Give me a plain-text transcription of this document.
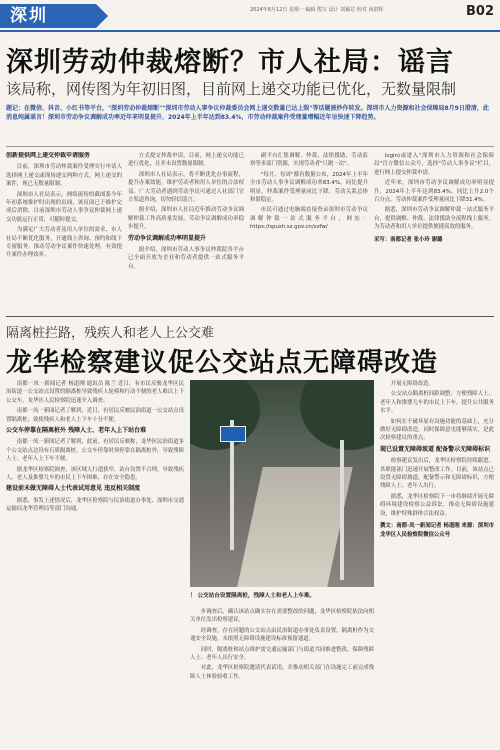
深圳	2024年8月12日 星期一 编辑 熊宝 设计 刘颖芯 校对 汤湛辉	B02
深圳劳动仲裁熔断？市人社局：谣言
该局称，网传图为年初旧图，目前网上递交功能已优化，无数量限制
题记：在微信、抖音、小红书等平台，"深圳劳动仲裁熔断""深圳市劳动人事争议仲裁委员会网上递交数量已达上限"等话题被炒作转发。深圳市人力资源和社会保障局8月9日澄清，此消息纯属谣言！深圳市劳动争议调解成功率近年来明显提升，2024年上半年达到83.4%，市劳动仲裁案件受理量增幅近年呈快速下降趋势。
创新提供网上递交仲裁申请服务

目前，深圳市劳动仲裁案件受理实行申请人选择网上递交或现场递交两种方式，网上递交的案件，现已无数量限制。

深圳市人社局表示，网络流传的截图系今年年初系统维护时出现的页面，该页面已于维护完成后消除。目前深圳市劳动人事争议仲裁网上递交功能运行正常，可随时提交。

为满足广大劳动者及用人单位的需求，市人社局不断优化服务，开通线上咨询、预约和线下专窗服务，推动劳动争议案件快速处理，有效提升案件办理效率。

方式提交仲裁申请，目前，网上递交功能已进行优化，且并未设置数量限制。

深圳市人社局表示，将不断优化办事流程，提升办案效能，维护劳动者和用人单位的合法权益。广大劳动者遇到劳动争议可通过人社部门官方渠道咨询，切勿轻信谣言。

据介绍，深圳市人社局近年推动劳动争议调解仲裁工作高质量发展，劳动争议调解成功率稳步提升。

劳动争议调解成功率明显提升

据介绍，深圳市劳动人事争议仲裁院各平台已全面开放为企业和劳动者提供一站式服务平台。

副平台汇集调解、仲裁、法律援助、劳动监察等多部门资源，实现劳动者"只跑一次"。

"每月、每周"都有数据公布，2024年上半年全市劳动人事争议调解成功率83.4%，同比提升明显。仲裁案件受理量同比下降，劳动关系总体和谐稳定。

市民可通过电脑端直接登录深圳市劳动争议调解仲裁一站式服务平台，网址：https://spush.sz.gov.cn/xzfw/

login)或进入"深圳市人力资源和社会保障局"官方微信公众号，选择"劳动人事争议"栏目，进行网上提交仲裁申请。

近年来，深圳市劳动争议调解成功率明显提升，2024年上半年达到83.4%，同比上升2.0个百分点。劳动仲裁案件受理量同比下降31.4%。

据悉，深圳市劳动争议调解仲裁一站式服务平台，提供调解、仲裁、法律援助全流程线上服务，为劳动者和用人单位提供便捷高效的服务。

采写：南都记者 张小玲 谢璐
隔离桩拦路，残疾人和老人上公交难
龙华检察建议促公交站点无障碍改造

南都一凤一新闻记者 杨道刚 通讯员 陈兰 近日，有市民反映龙华区民治街道一公交站点设置的隔离桩导致残疾人轮椅和行动不便的老人难以上下公交车，龙华区人民检察院迅速介入调查。

南都一凤一新闻记者了解到，近日，有居民反映民治街道一公交站点设置隔离桩，致使残疾人和老人上下车十分不便。

公交车停靠在隔离桩外 残障人士、老年人上下站台难

南都一凤一新闻记者了解到，此前，有居民反映称，龙华区民治街道多个公交站点边设有石质隔离桩，公交车停靠时须停靠在隔离桩外，导致残障人士、老年人上下车不便。

据龙华区检察院调查，该区域人行道狭窄，站台设置不合理，导致残疾人、老人及推婴儿车的市民上下车困难，存在安全隐患。

建设前未做无障碍人士代表试用意见 违反相关制度

据悉，事发上述情况后，龙华区检察院与民治街道办事处、深圳市交通运输局龙华管理局等部门沟通。

！ 公交站台设置隔离桩，残障人士和老人上车难。

步调查后，确认该站点确实存在需要整改的问题，龙华区检察院依法向相关单位发出检察建议。

经调查，存在问题的公交站点由民治街道办事处负责设置，隔离桩作为交通安全设施，未依照无障碍设施建设标准预留通道。

同时，隔离桩和站点维护需交通运输部门与街道共同推进整改，保障残障人士、老年人出行安全。

对此，龙华区检察院邀请代表试用，并推动相关部门在设施完工前完成残障人士体验验收工作。

开展无障碍改造。

公交站点隔离桩间距调整，方便残障人士、老年人和推婴儿车的市民上下车，提升公共服务水平。

如何在不破坏原有设施功能的基础上，充分做好无障碍改造，同时保障意见能够落实，是此次检察建议的重点。

现已设置无障碍坡道 配备警示无障碍标识

检察建议发出后，龙华区检察院持续跟进，各职能部门迅速开展整改工作。目前，该站点已设置无障碍坡道，配备警示和无障碍标识，方便残障人士、老年人出行。

据悉，龙华区检察院下一步将继续开展无障碍环境建设检察公益诉讼，推动无障碍设施建设，维护特殊群体合法权益。

撰文：南都·凤一新闻记者 杨道刚 来源：深圳市龙华区人民检察院微信公众号
